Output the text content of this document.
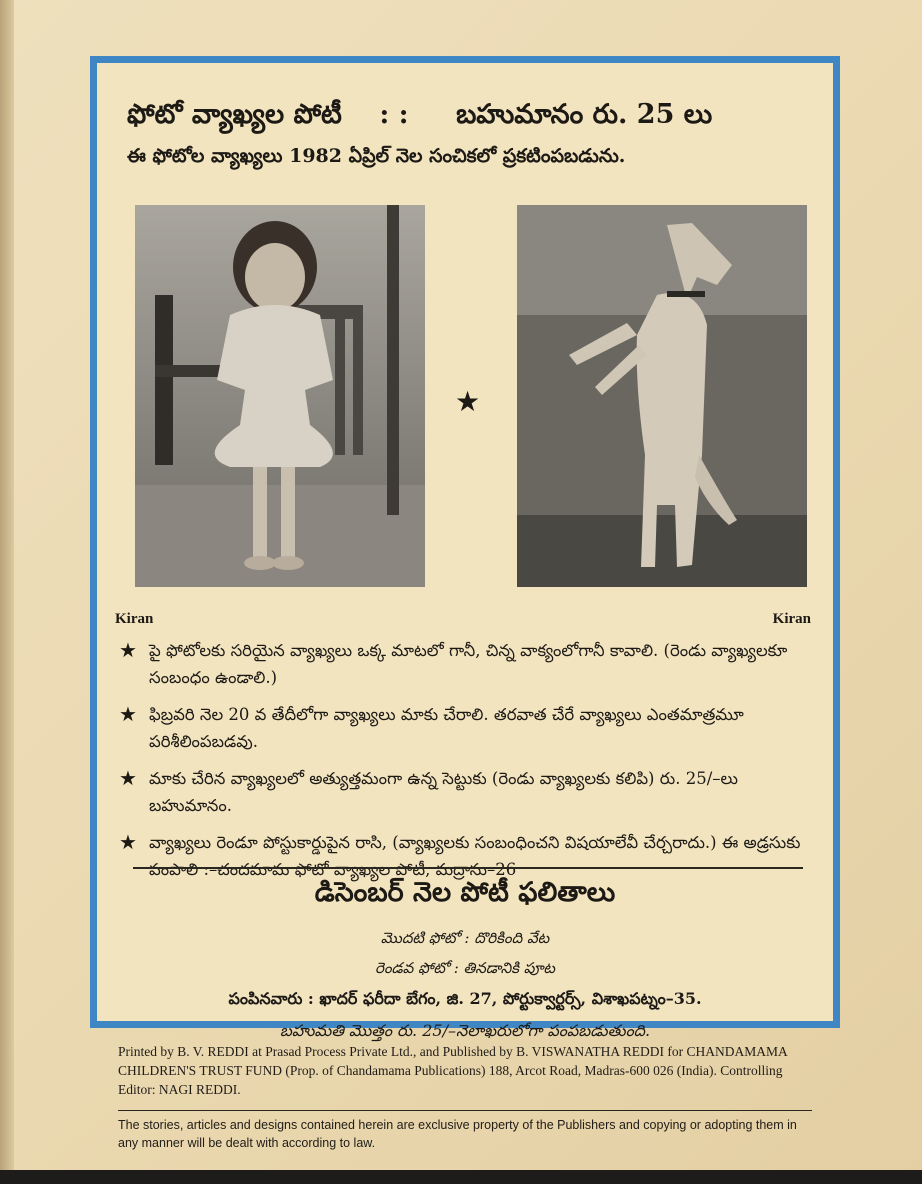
ఫోటో వ్యాఖ్యల పోటీ : : బహుమానం రు. 25 లు
ఈ ఫోటోల వ్యాఖ్యలు 1982 ఏప్రిల్ నెల సంచికలో ప్రకటింపబడును.
★
Kiran	Kiran
★ పై ఫోటోలకు సరియైన వ్యాఖ్యలు ఒక్క మాటలో గానీ, చిన్న వాక్యంలోగానీ కావాలి. (రెండు వ్యాఖ్యలకూ సంబంధం ఉండాలి.)
★ ఫిబ్రవరి నెల 20 వ తేదీలోగా వ్యాఖ్యలు మాకు చేరాలి. తరవాత చేరే వ్యాఖ్యలు ఎంతమాత్రమూ పరిశీలింపబడవు.
★ మాకు చేరిన వ్యాఖ్యలలో అత్యుత్తమంగా ఉన్న సెట్టుకు (రెండు వ్యాఖ్యలకు కలిపి) రు. 25/–లు బహుమానం.
★ వ్యాఖ్యలు రెండూ పోస్టుకార్డుపైన రాసి, (వ్యాఖ్యలకు సంబంధించని విషయాలేవీ చేర్చరాదు.) ఈ అడ్రసుకు పంపాలి :–చందమామ ఫోటో వ్యాఖ్యల పోటీ, మద్రాసు–26
డిసెంబర్ నెల పోటీ ఫలితాలు
మొదటి ఫోటో : దొరికింది వేట
రెండవ ఫోటో : తినడానికి పూట
పంపినవారు : ఖాదర్ ఫరీదా బేగం, జి. 27, పోర్టుక్వార్టర్స్, విశాఖపట్నం–35.
బహుమతి మొత్తం రు. 25/–నెలాఖరులోగా పంపబడుతుంది.
Printed by B. V. REDDI at Prasad Process Private Ltd., and Published by B. VISWANATHA REDDI for CHANDAMAMA CHILDREN'S TRUST FUND (Prop. of Chandamama Publications) 188, Arcot Road, Madras-600 026 (India). Controlling Editor: NAGI REDDI.
The stories, articles and designs contained herein are exclusive property of the Publishers and copying or adopting them in any manner will be dealt with according to law.
